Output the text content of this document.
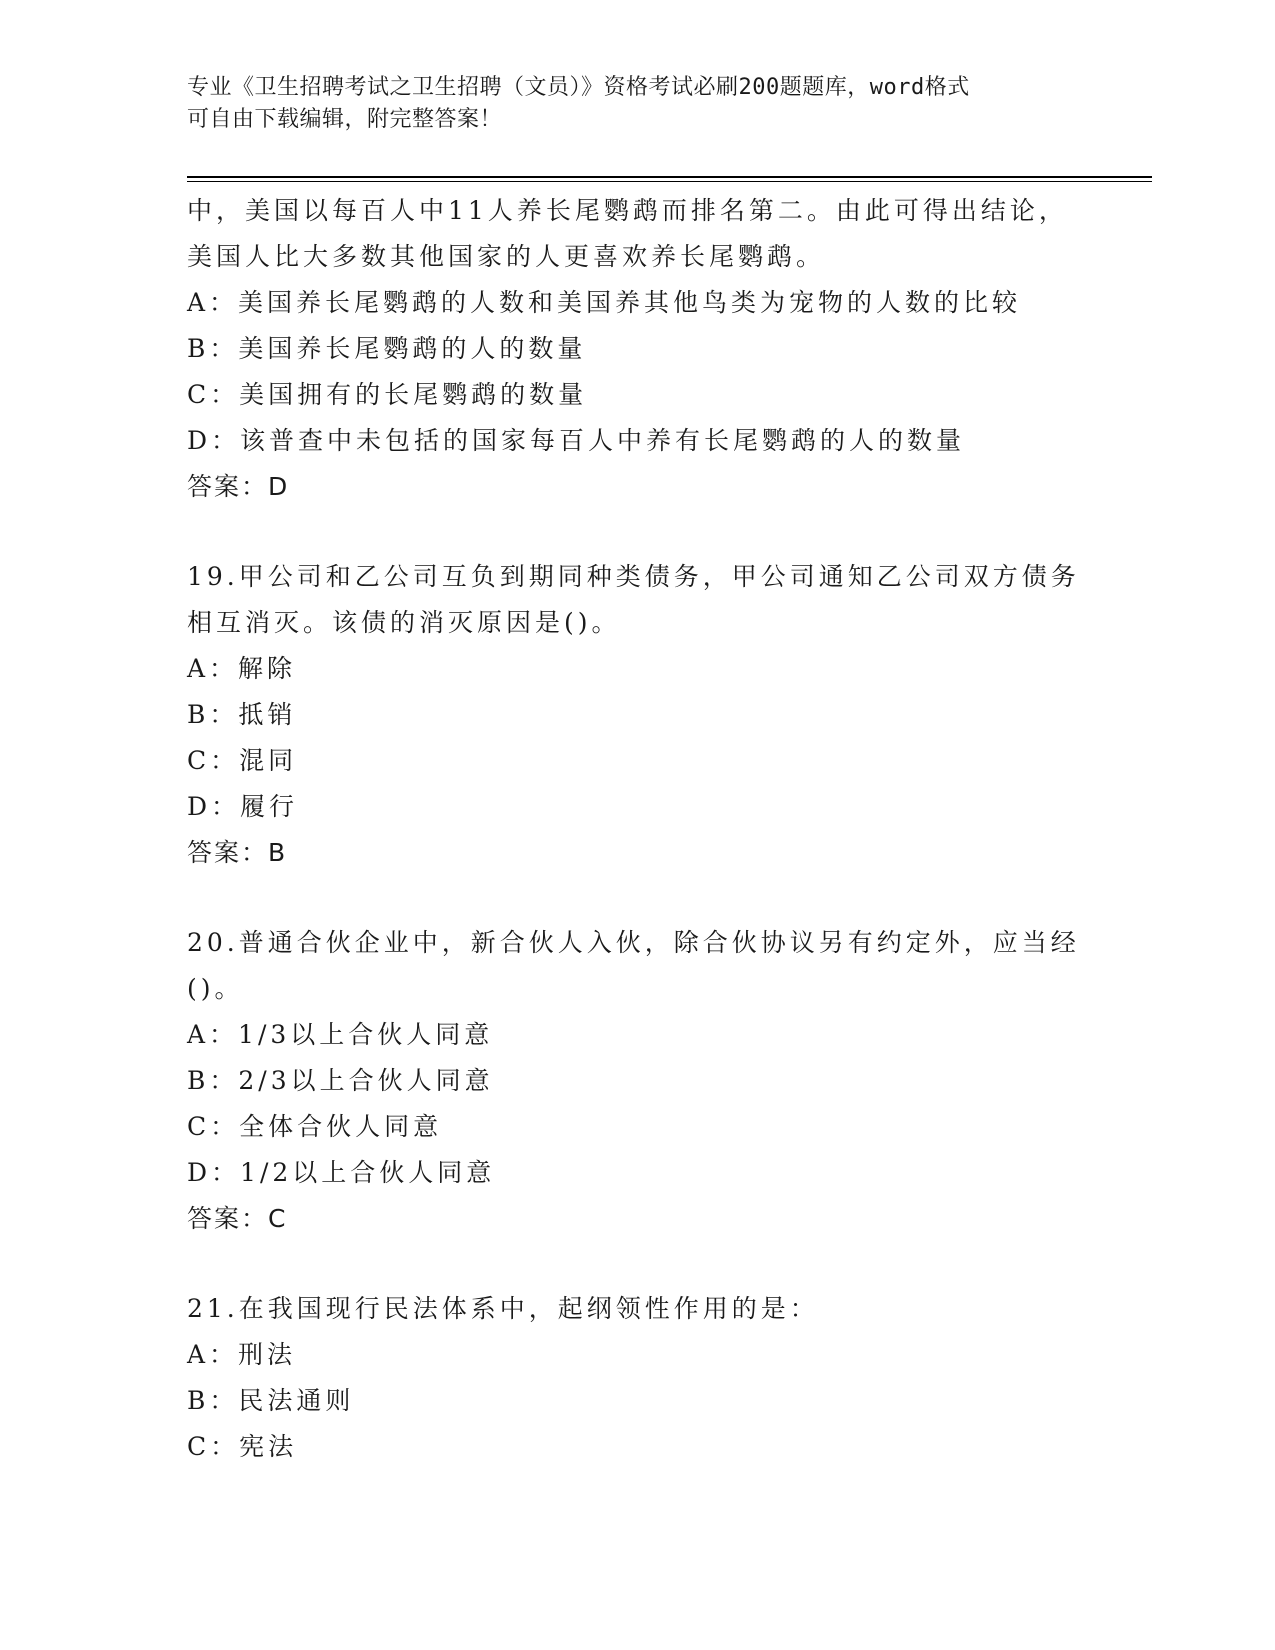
专业《卫生招聘考试之卫生招聘（文员）》资格考试必刷200题题库，word格式
可自由下载编辑，附完整答案！
中，美国以每百人中11人养长尾鹦鹉而排名第二。由此可得出结论，
美国人比大多数其他国家的人更喜欢养长尾鹦鹉。
A：美国养长尾鹦鹉的人数和美国养其他鸟类为宠物的人数的比较
B：美国养长尾鹦鹉的人的数量
C：美国拥有的长尾鹦鹉的数量
D：该普查中未包括的国家每百人中养有长尾鹦鹉的人的数量
答案：D
19.甲公司和乙公司互负到期同种类债务，甲公司通知乙公司双方债务
相互消灭。该债的消灭原因是()。
A：解除
B：抵销
C：混同
D：履行
答案：B
20.普通合伙企业中，新合伙人入伙，除合伙协议另有约定外，应当经
()。
A：1/3以上合伙人同意
B：2/3以上合伙人同意
C：全体合伙人同意
D：1/2以上合伙人同意
答案：C
21.在我国现行民法体系中，起纲领性作用的是：
A：刑法
B：民法通则
C：宪法
